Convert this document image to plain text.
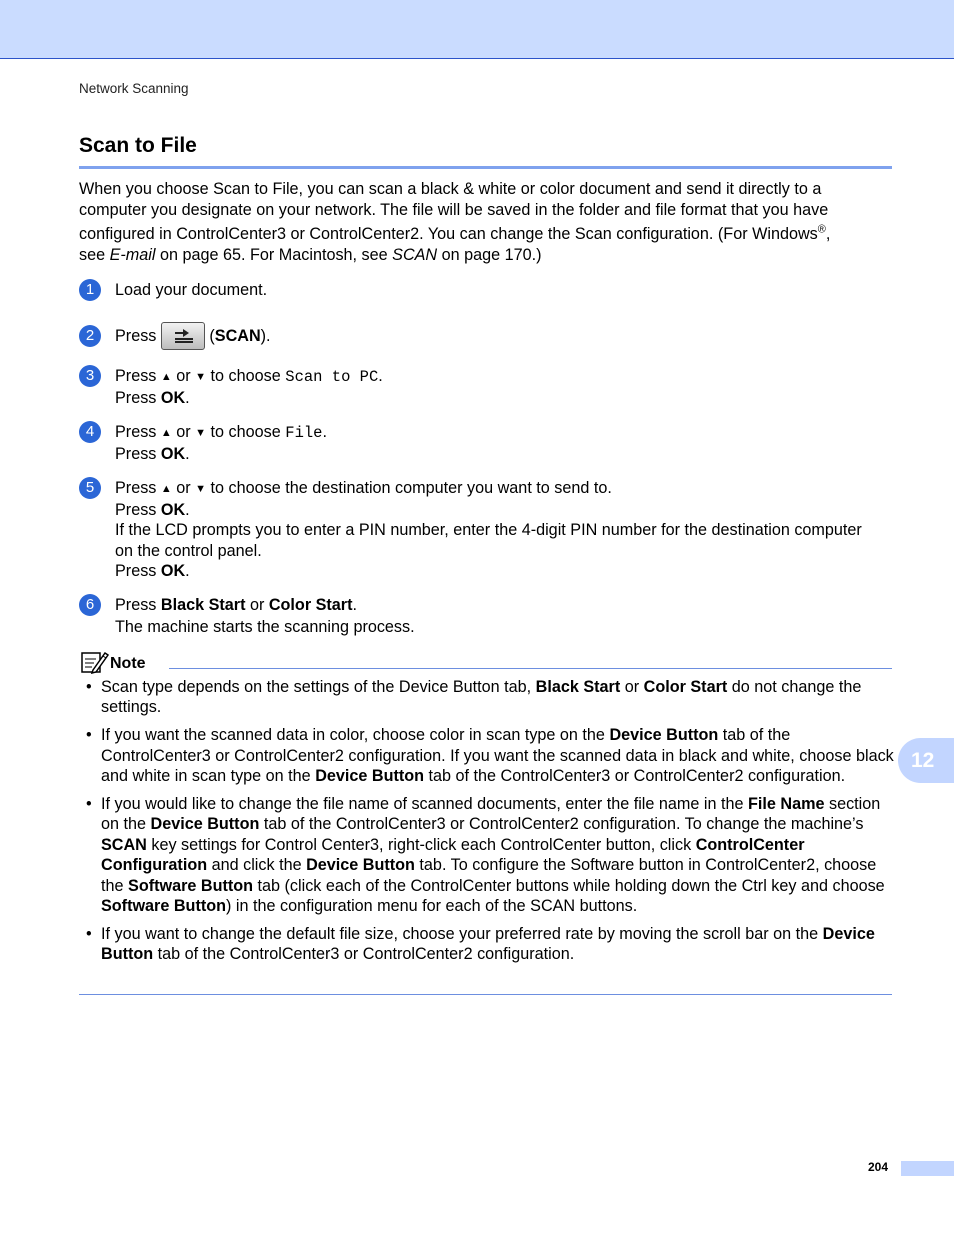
Network Scanning
Scan to File
When you choose Scan to File, you can scan a black & white or color document and send it directly to a
computer you designate on your network. The file will be saved in the folder and file format that you have
configured in ControlCenter3 or ControlCenter2. You can change the Scan configuration. (For Windows®,
see E-mail on page 65. For Macintosh, see SCAN on page 170.)
1	Load your document.
2	Press	(SCAN).
3	Press ▲ or ▼ to choose Scan to PC.
Press OK.
4	Press ▲ or ▼ to choose File.
Press OK.
5	Press ▲ or ▼ to choose the destination computer you want to send to.
Press OK.
If the LCD prompts you to enter a PIN number, enter the 4-digit PIN number for the destination computer
on the control panel.
Press OK.
6	Press Black Start or Color Start.
The machine starts the scanning process.
Note
• Scan type depends on the settings of the Device Button tab, Black Start or Color Start do not change the settings.
• If you want the scanned data in color, choose color in scan type on the Device Button tab of the ControlCenter3 or ControlCenter2 configuration. If you want the scanned data in black and white, choose black and white in scan type on the Device Button tab of the ControlCenter3 or ControlCenter2 configuration.
• If you would like to change the file name of scanned documents, enter the file name in the File Name section on the Device Button tab of the ControlCenter3 or ControlCenter2 configuration. To change the machine’s SCAN key settings for Control Center3, right-click each ControlCenter button, click ControlCenter Configuration and click the Device Button tab. To configure the Software button in ControlCenter2, choose the Software Button tab (click each of the ControlCenter buttons while holding down the Ctrl key and choose Software Button) in the configuration menu for each of the SCAN buttons.
• If you want to change the default file size, choose your preferred rate by moving the scroll bar on the Device Button tab of the ControlCenter3 or ControlCenter2 configuration.
12
204
